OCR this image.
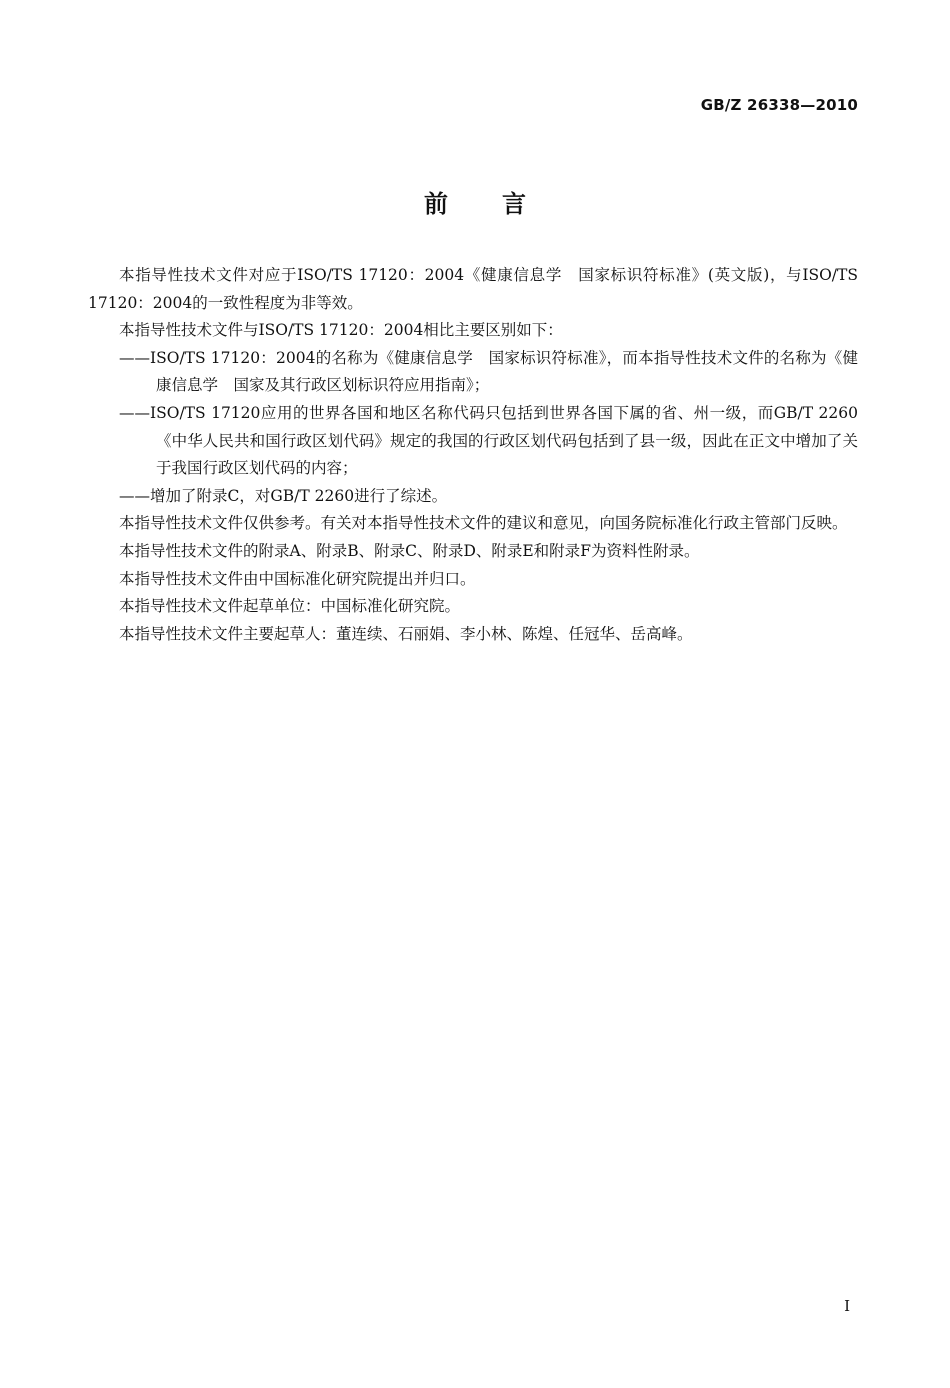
GB/Z 26338—2010
前 言

本指导性技术文件对应于ISO/TS 17120：2004《健康信息学　国家标识符标准》(英文版)，与ISO/TS 17120：2004的一致性程度为非等效。

本指导性技术文件与ISO/TS 17120：2004相比主要区别如下：

——ISO/TS 17120：2004的名称为《健康信息学　国家标识符标准》，而本指导性技术文件的名称为《健康信息学　国家及其行政区划标识符应用指南》；

——ISO/TS 17120应用的世界各国和地区名称代码只包括到世界各国下属的省、州一级，而GB/T 2260《中华人民共和国行政区划代码》规定的我国的行政区划代码包括到了县一级，因此在正文中增加了关于我国行政区划代码的内容；

——增加了附录C，对GB/T 2260进行了综述。

本指导性技术文件仅供参考。有关对本指导性技术文件的建议和意见，向国务院标准化行政主管部门反映。

本指导性技术文件的附录A、附录B、附录C、附录D、附录E和附录F为资料性附录。

本指导性技术文件由中国标准化研究院提出并归口。

本指导性技术文件起草单位：中国标准化研究院。

本指导性技术文件主要起草人：董连续、石丽娟、李小林、陈煌、任冠华、岳高峰。

I
